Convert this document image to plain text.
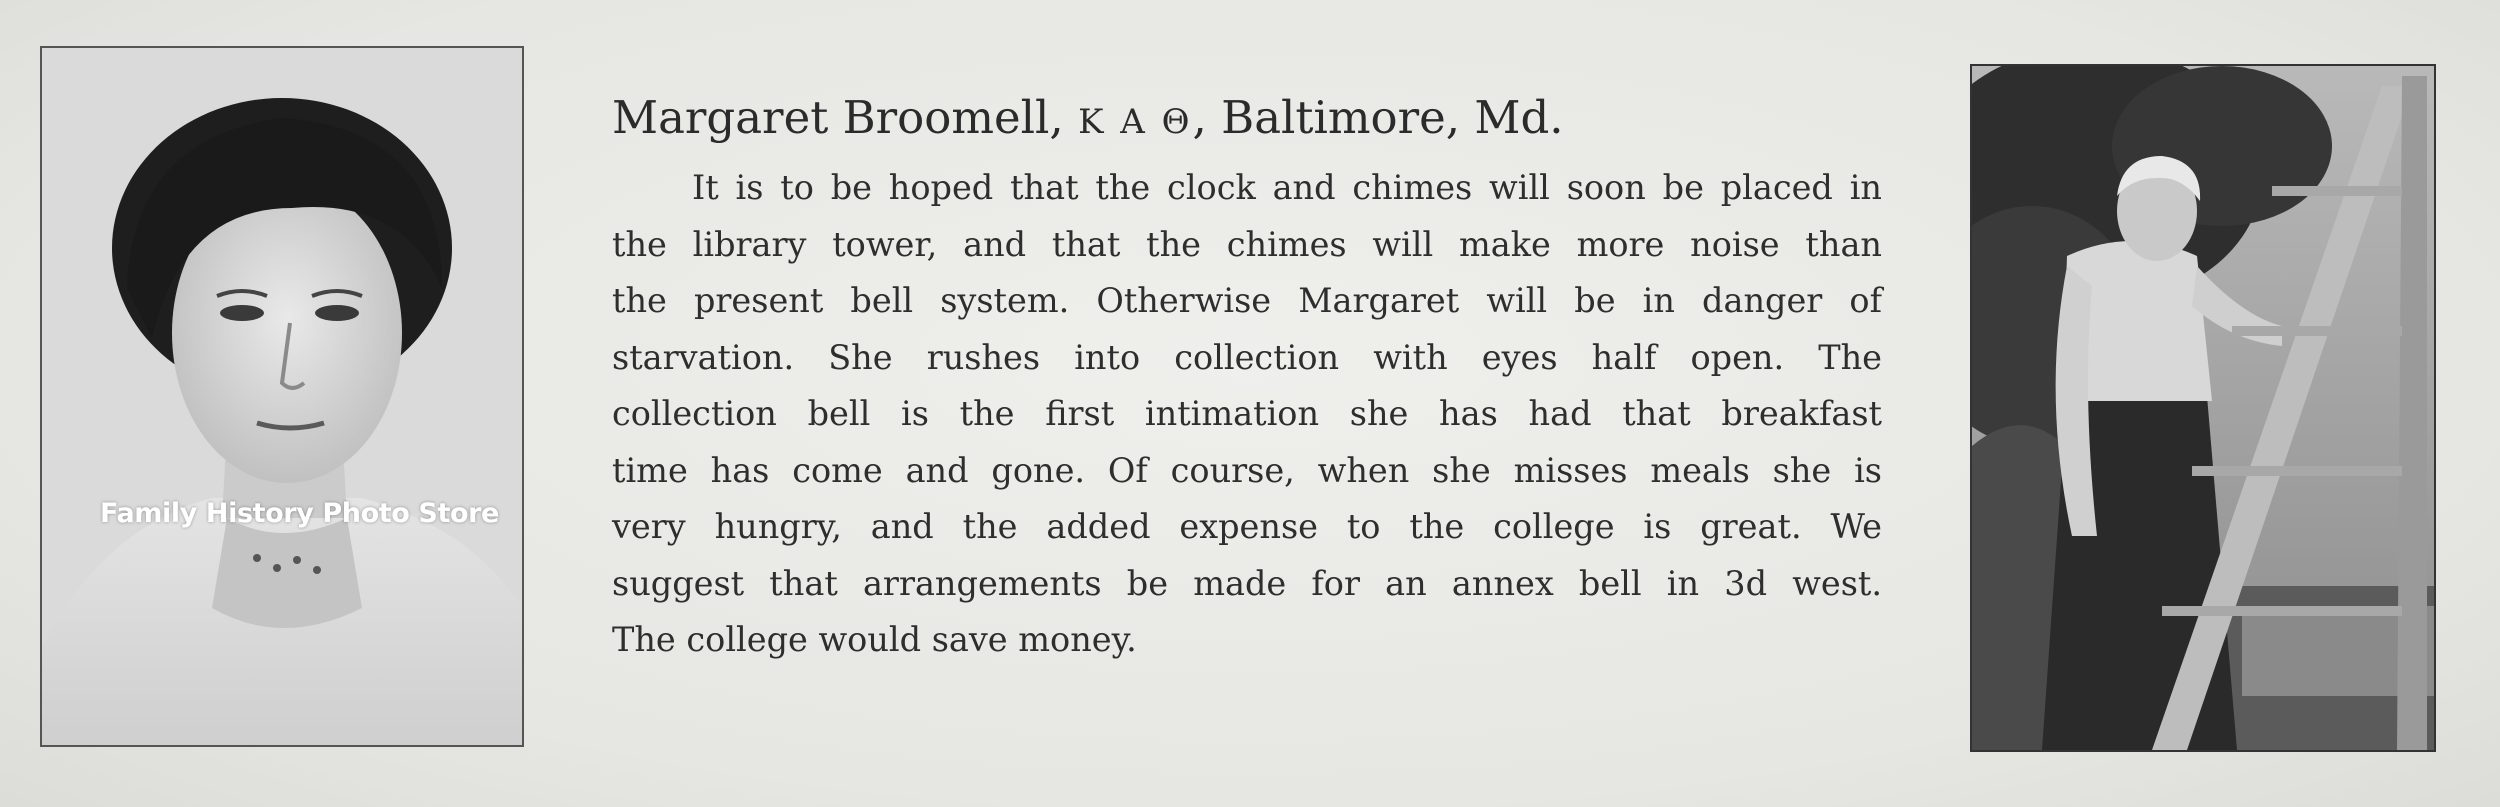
Family History Photo Store
Margaret Broomell, Κ Α Θ, Baltimore, Md.

It is to be hoped that the clock and chimes will soon be placed in
the library tower, and that the chimes will make more noise than
the present bell system. Otherwise Margaret will be in danger of
starvation. She rushes into collection with eyes half open. The
collection bell is the first intimation she has had that breakfast
time has come and gone. Of course, when she misses meals she is
very hungry, and the added expense to the college is great. We
suggest that arrangements be made for an annex bell in 3d west.
The college would save money.
